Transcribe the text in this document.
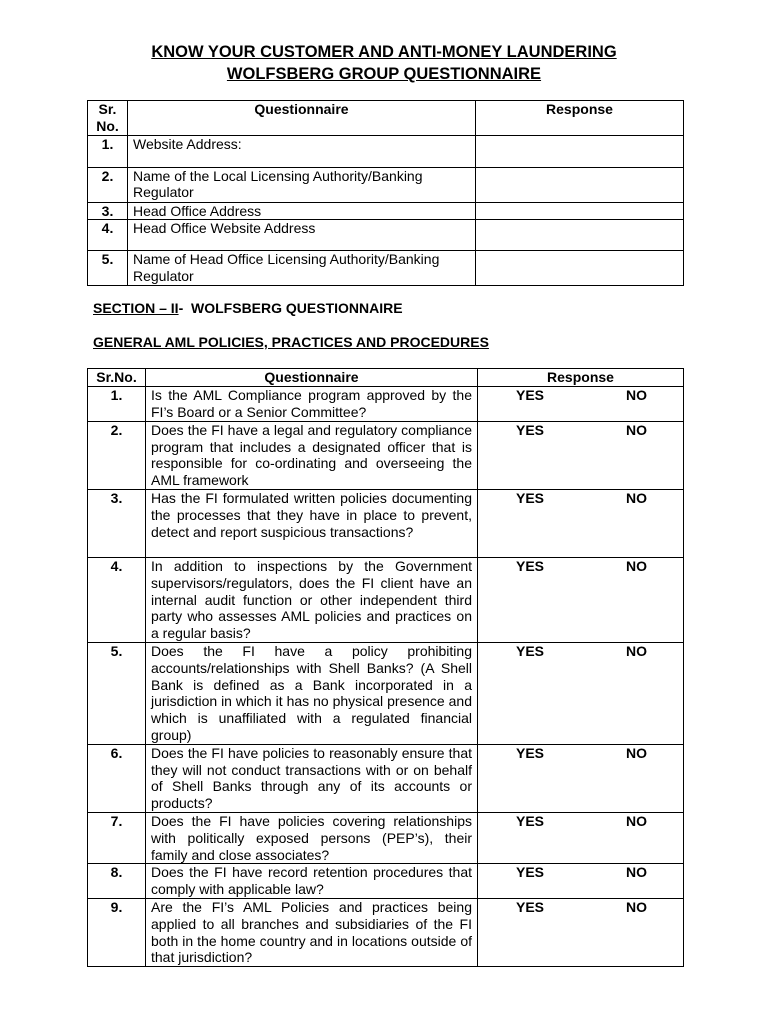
KNOW YOUR CUSTOMER AND ANTI-MONEY LAUNDERING
WOLFSBERG GROUP QUESTIONNAIRE
Sr. No.	Questionnaire	Response
1.	Website Address:	
2.	Name of the Local Licensing Authority/Banking Regulator	
3.	Head Office Address	
4.	Head Office Website Address	
5.	Name of Head Office Licensing Authority/Banking Regulator	
SECTION – II-  WOLFSBERG QUESTIONNAIRE
GENERAL AML POLICIES, PRACTICES AND PROCEDURES
Sr.No.	Questionnaire	Response
1.	Is the AML Compliance program approved by the FI’s Board or a Senior Committee?	YES NO

2.	Does the FI have a legal and regulatory compliance program that includes a designated officer that is responsible for co-ordinating and overseeing the AML framework	YES NO

3.	Has the FI formulated written policies documenting the processes that they have in place to prevent, detect and report suspicious transactions?	YES NO

4.	In addition to inspections by the Government supervisors/regulators, does the FI client have an internal audit function or other independent third party who assesses AML policies and practices on a regular basis?	YES NO

5.	Does the FI have a policy prohibiting accounts/relationships with Shell Banks? (A Shell Bank is defined as a Bank incorporated in a jurisdiction in which it has no physical presence and which is unaffiliated with a regulated financial group)	YES NO

6.	Does the FI have policies to reasonably ensure that they will not conduct transactions with or on behalf of Shell Banks through any of its accounts or products?	YES NO

7.	Does the FI have policies covering relationships with politically exposed persons (PEP’s), their family and close associates?	YES NO

8.	Does the FI have record retention procedures that comply with applicable law?	YES NO

9.	Are the FI’s AML Policies and practices being applied to all branches and subsidiaries of the FI both in the home country and in locations outside of that jurisdiction?	YES NO
